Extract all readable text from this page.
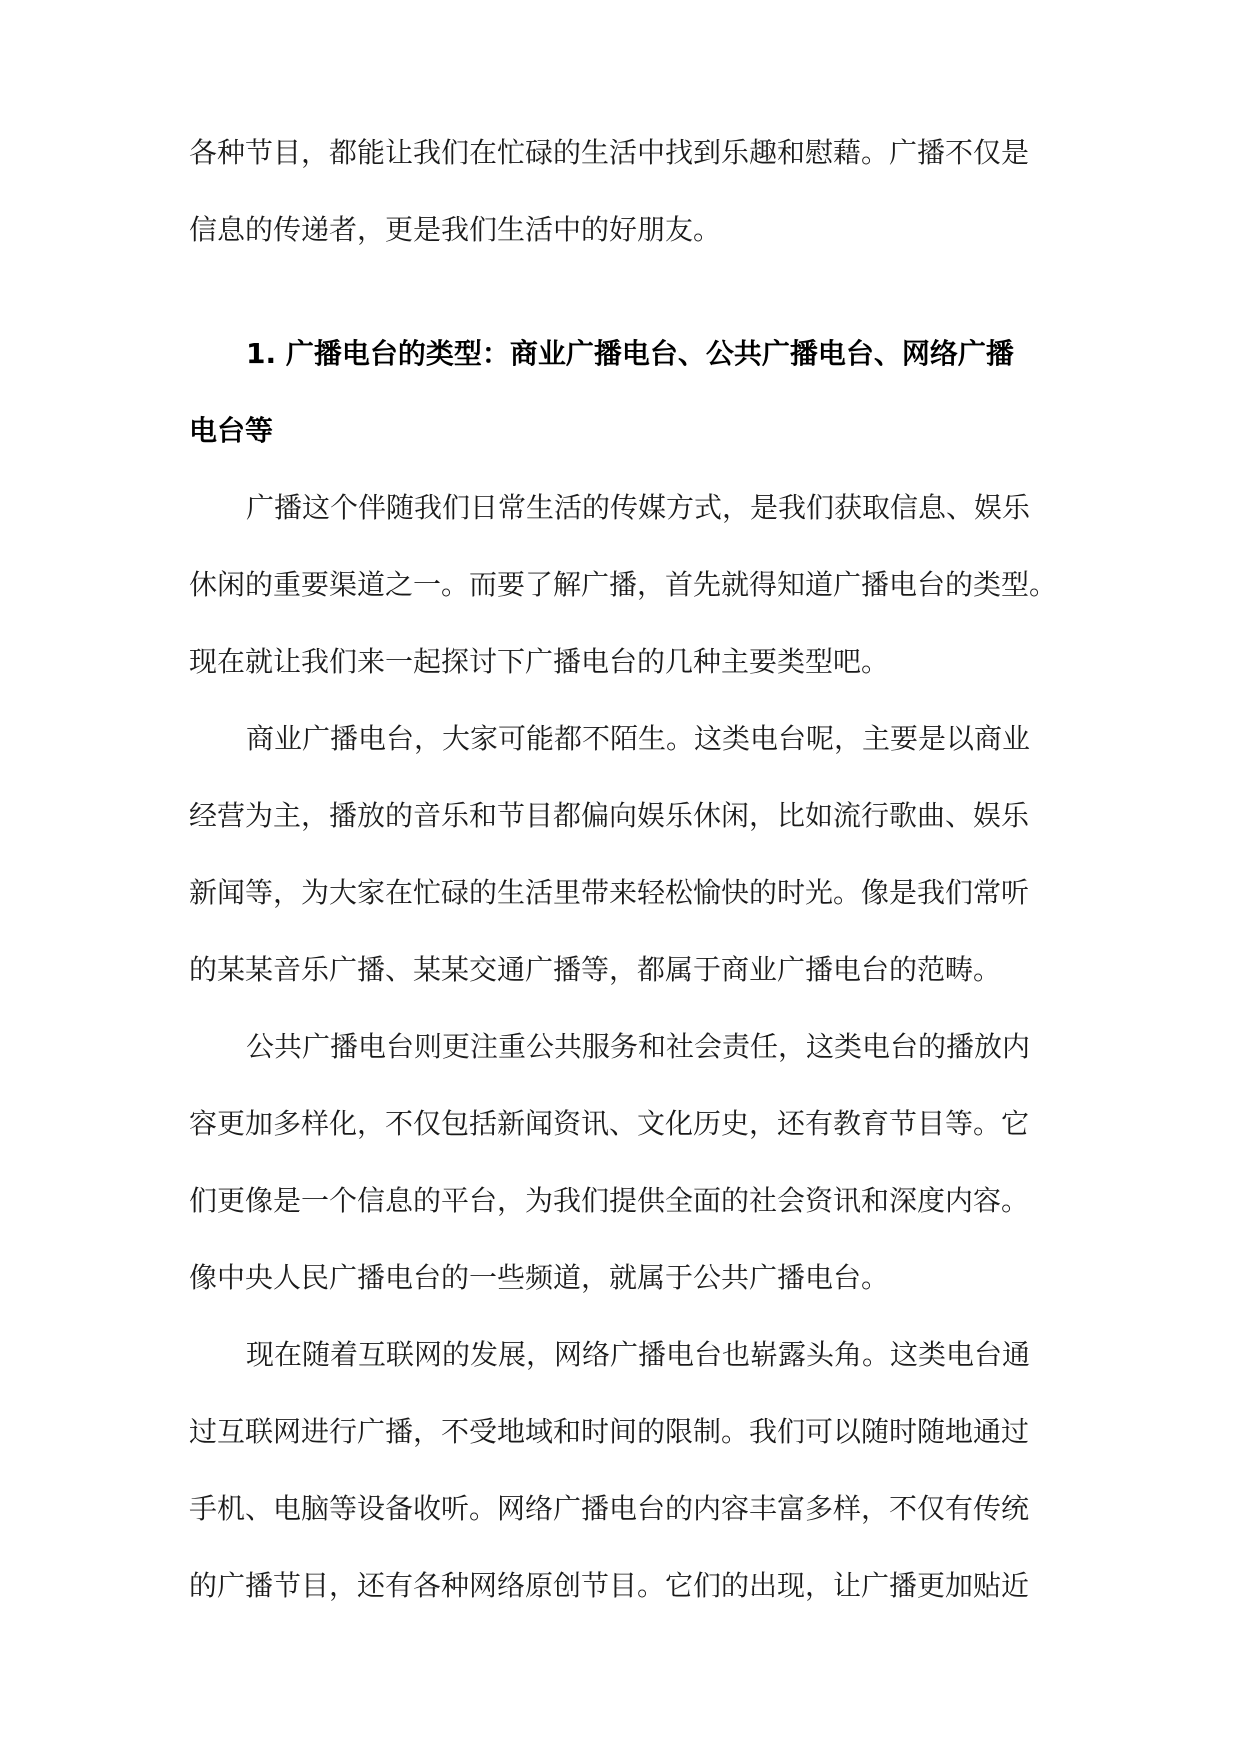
各种节目，都能让我们在忙碌的生活中找到乐趣和慰藉。广播不仅是
信息的传递者，更是我们生活中的好朋友。
1. 广播电台的类型：商业广播电台、公共广播电台、网络广播
电台等
广播这个伴随我们日常生活的传媒方式，是我们获取信息、娱乐
休闲的重要渠道之一。而要了解广播，首先就得知道广播电台的类型。
现在就让我们来一起探讨下广播电台的几种主要类型吧。
商业广播电台，大家可能都不陌生。这类电台呢，主要是以商业
经营为主，播放的音乐和节目都偏向娱乐休闲，比如流行歌曲、娱乐
新闻等，为大家在忙碌的生活里带来轻松愉快的时光。像是我们常听
的某某音乐广播、某某交通广播等，都属于商业广播电台的范畴。
公共广播电台则更注重公共服务和社会责任，这类电台的播放内
容更加多样化，不仅包括新闻资讯、文化历史，还有教育节目等。它
们更像是一个信息的平台，为我们提供全面的社会资讯和深度内容。
像中央人民广播电台的一些频道，就属于公共广播电台。
现在随着互联网的发展，网络广播电台也崭露头角。这类电台通
过互联网进行广播，不受地域和时间的限制。我们可以随时随地通过
手机、电脑等设备收听。网络广播电台的内容丰富多样，不仅有传统
的广播节目，还有各种网络原创节目。它们的出现，让广播更加贴近
